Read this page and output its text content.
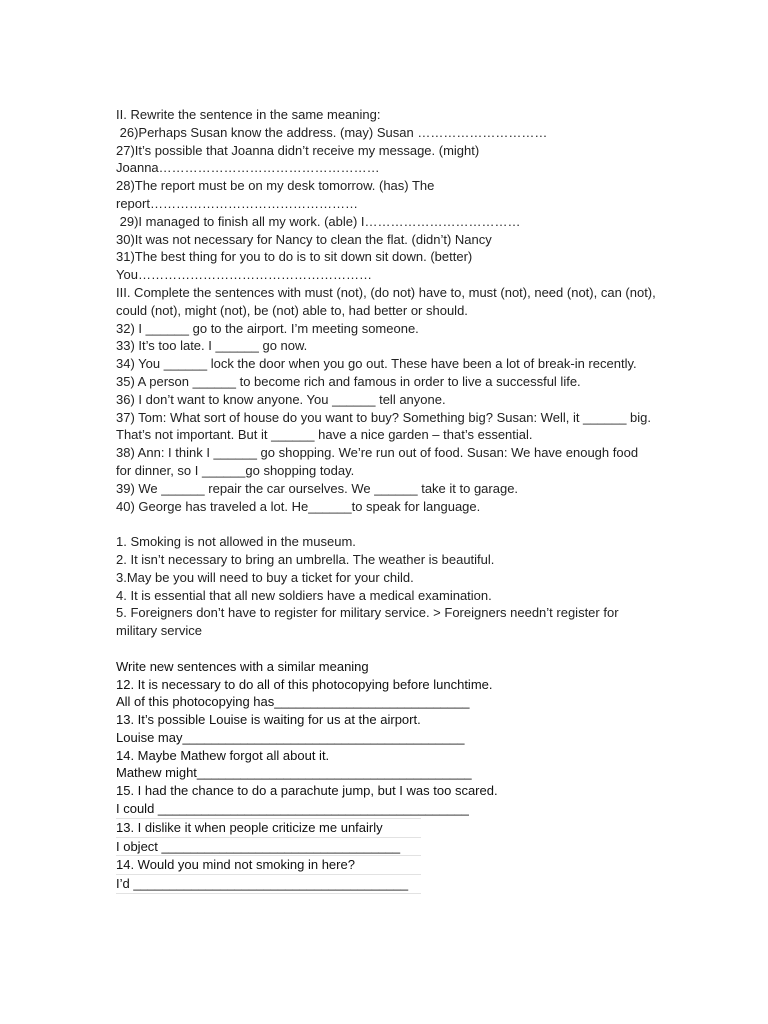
II. Rewrite the sentence in the same meaning:
26)Perhaps Susan know the address. (may) Susan …………………………
27)It’s possible that Joanna didn’t receive my message. (might)
Joanna……………………………………………
28)The report must be on my desk tomorrow. (has) The
report…………………………………………
29)I managed to finish all my work. (able) I………………………………
30)It was not necessary for Nancy to clean the flat. (didn’t) Nancy
31)The best thing for you to do is to sit down sit down. (better)
You………………………………………………
III. Complete the sentences with must (not), (do not) have to, must (not), need (not), can (not), could (not), might (not), be (not) able to, had better or should.
32) I ______ go to the airport. I’m meeting someone.
33) It’s too late. I ______ go now.
34) You ______ lock the door when you go out. These have been a lot of break-in recently.
35) A person ______ to become rich and famous in order to live a successful life.
36) I don’t want to know anyone. You ______ tell anyone.
37) Tom: What sort of house do you want to buy? Something big? Susan: Well, it ______ big. That’s not important. But it ______ have a nice garden – that’s essential.
38) Ann: I think I ______ go shopping. We’re run out of food. Susan: We have enough food for dinner, so I ______go shopping today.
39) We ______ repair the car ourselves. We ______ take it to garage.
40) George has traveled a lot. He______to speak for language.
1. Smoking is not allowed in the museum.
2. It isn’t necessary to bring an umbrella. The weather is beautiful.
3.May be you will need to buy a ticket for your child.
4. It is essential that all new soldiers have a medical examination.
5. Foreigners don’t have to register for military service. > Foreigners needn’t register for military service
Write new sentences with a similar meaning
12. It is necessary to do all of this photocopying before lunchtime.
All of this photocopying has___________________________
13. It’s possible Louise is waiting for us at the airport.
Louise may_______________________________________
14. Maybe Mathew forgot all about it.
Mathew might______________________________________
15. I had the chance to do a parachute jump, but I was too scared.
I could ___________________________________________
13. I dislike it when people criticize me unfairly
I object _________________________________
14. Would you mind not smoking in here?
I’d ______________________________________
